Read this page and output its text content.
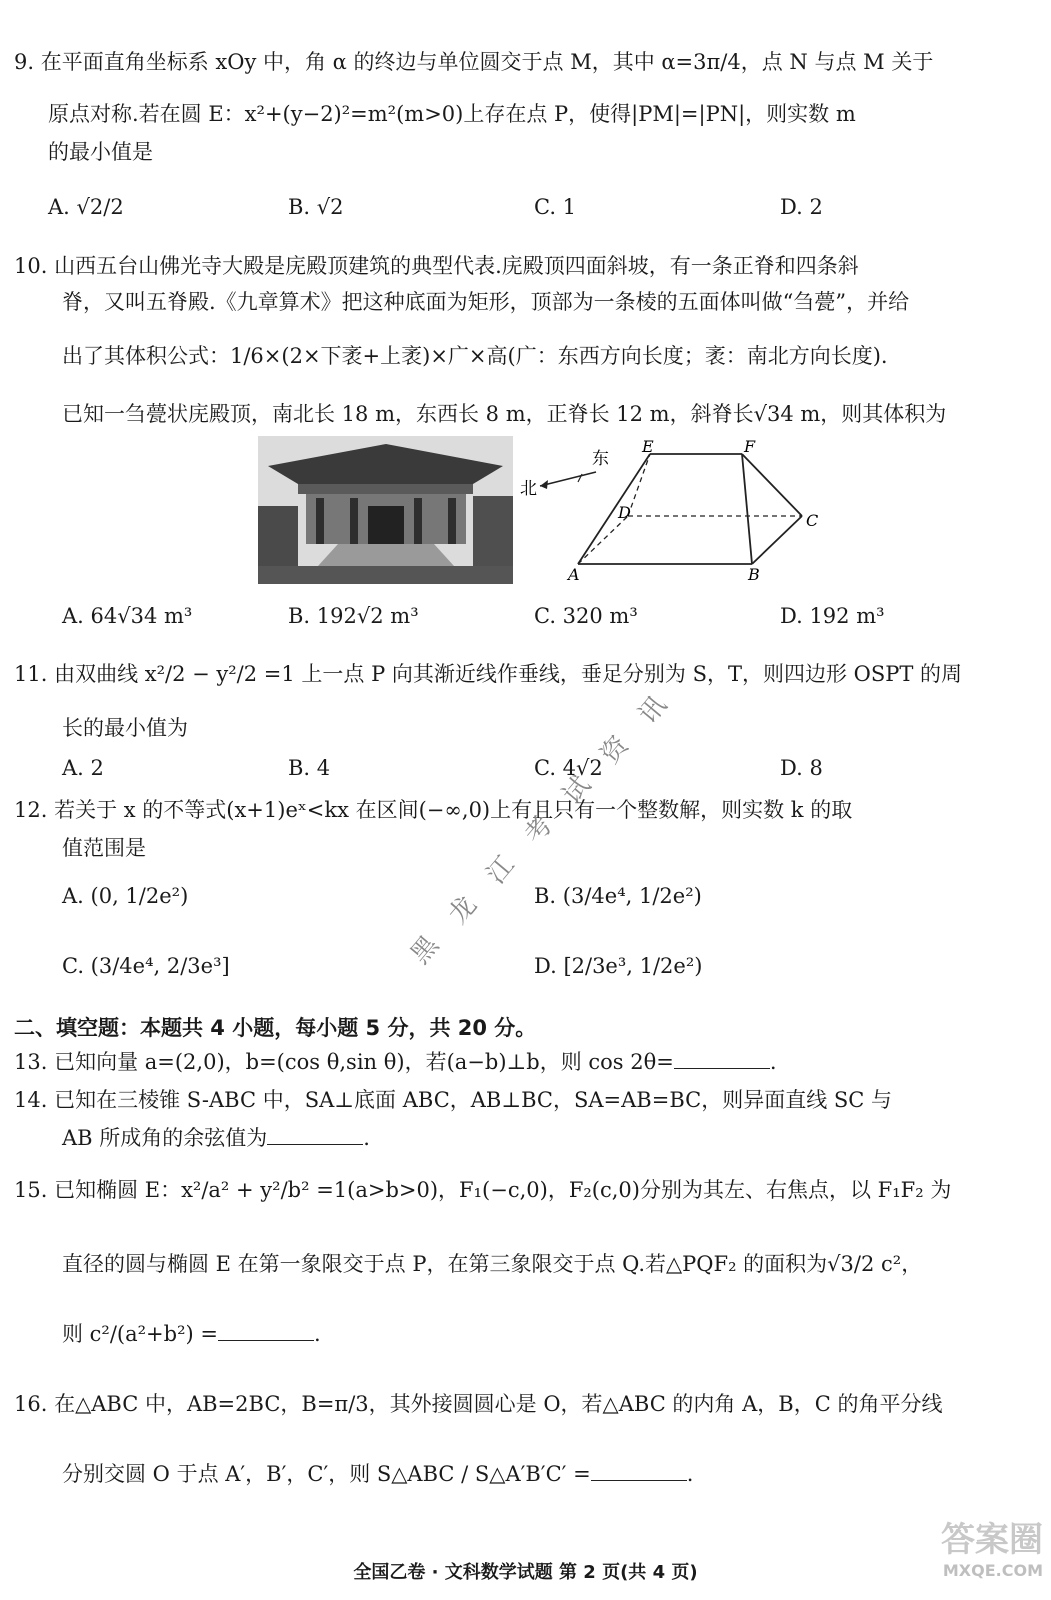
9. 在平面直角坐标系 xOy 中，角 α 的终边与单位圆交于点 M，其中 α=3π/4，点 N 与点 M 关于
原点对称.若在圆 E：x²+(y−2)²=m²(m>0)上存在点 P，使得|PM|=|PN|，则实数 m
的最小值是
A. √2/2	B. √2	C. 1	D. 2
10. 山西五台山佛光寺大殿是庑殿顶建筑的典型代表.庑殿顶四面斜坡，有一条正脊和四条斜
脊，又叫五脊殿.《九章算术》把这种底面为矩形，顶部为一条棱的五面体叫做“刍甍”，并给
出了其体积公式：1/6×(2×下袤+上袤)×广×高(广：东西方向长度；袤：南北方向长度).
已知一刍甍状庑殿顶，南北长 18 m，东西长 8 m，正脊长 12 m，斜脊长√34 m，则其体积为
东
北
E	F
D	C
A	B
A. 64√34 m³	B. 192√2 m³	C. 320 m³	D. 192 m³
11. 由双曲线 x²/2 − y²/2 =1 上一点 P 向其渐近线作垂线，垂足分别为 S，T，则四边形 OSPT 的周
长的最小值为
A. 2	B. 4	C. 4√2	D. 8
12. 若关于 x 的不等式(x+1)eˣ<kx 在区间(−∞,0)上有且只有一个整数解，则实数 k 的取
值范围是
A. (0, 1/2e²)	B. (3/4e⁴, 1/2e²)
C. (3/4e⁴, 2/3e³]	D. [2/3e³, 1/2e²)
黑
龙
江
考
试
资
讯
二、填空题：本题共 4 小题，每小题 5 分，共 20 分。
13. 已知向量 a=(2,0)，b=(cos θ,sin θ)，若(a−b)⊥b，则 cos 2θ=	.
14. 已知在三棱锥 S-ABC 中，SA⊥底面 ABC，AB⊥BC，SA=AB=BC，则异面直线 SC 与
AB 所成角的余弦值为	.
15. 已知椭圆 E：x²/a² + y²/b² =1(a>b>0)，F₁(−c,0)，F₂(c,0)分别为其左、右焦点，以 F₁F₂ 为
直径的圆与椭圆 E 在第一象限交于点 P，在第三象限交于点 Q.若△PQF₂ 的面积为√3/2 c²，
则 c²/(a²+b²) =	.
16. 在△ABC 中，AB=2BC，B=π/3，其外接圆圆心是 O，若△ABC 的内角 A，B，C 的角平分线
分别交圆 O 于点 A′，B′，C′，则 S△ABC / S△A′B′C′ =	.
答案圈
MXQE.COM
全国乙卷 · 文科数学试题 第 2 页(共 4 页)
